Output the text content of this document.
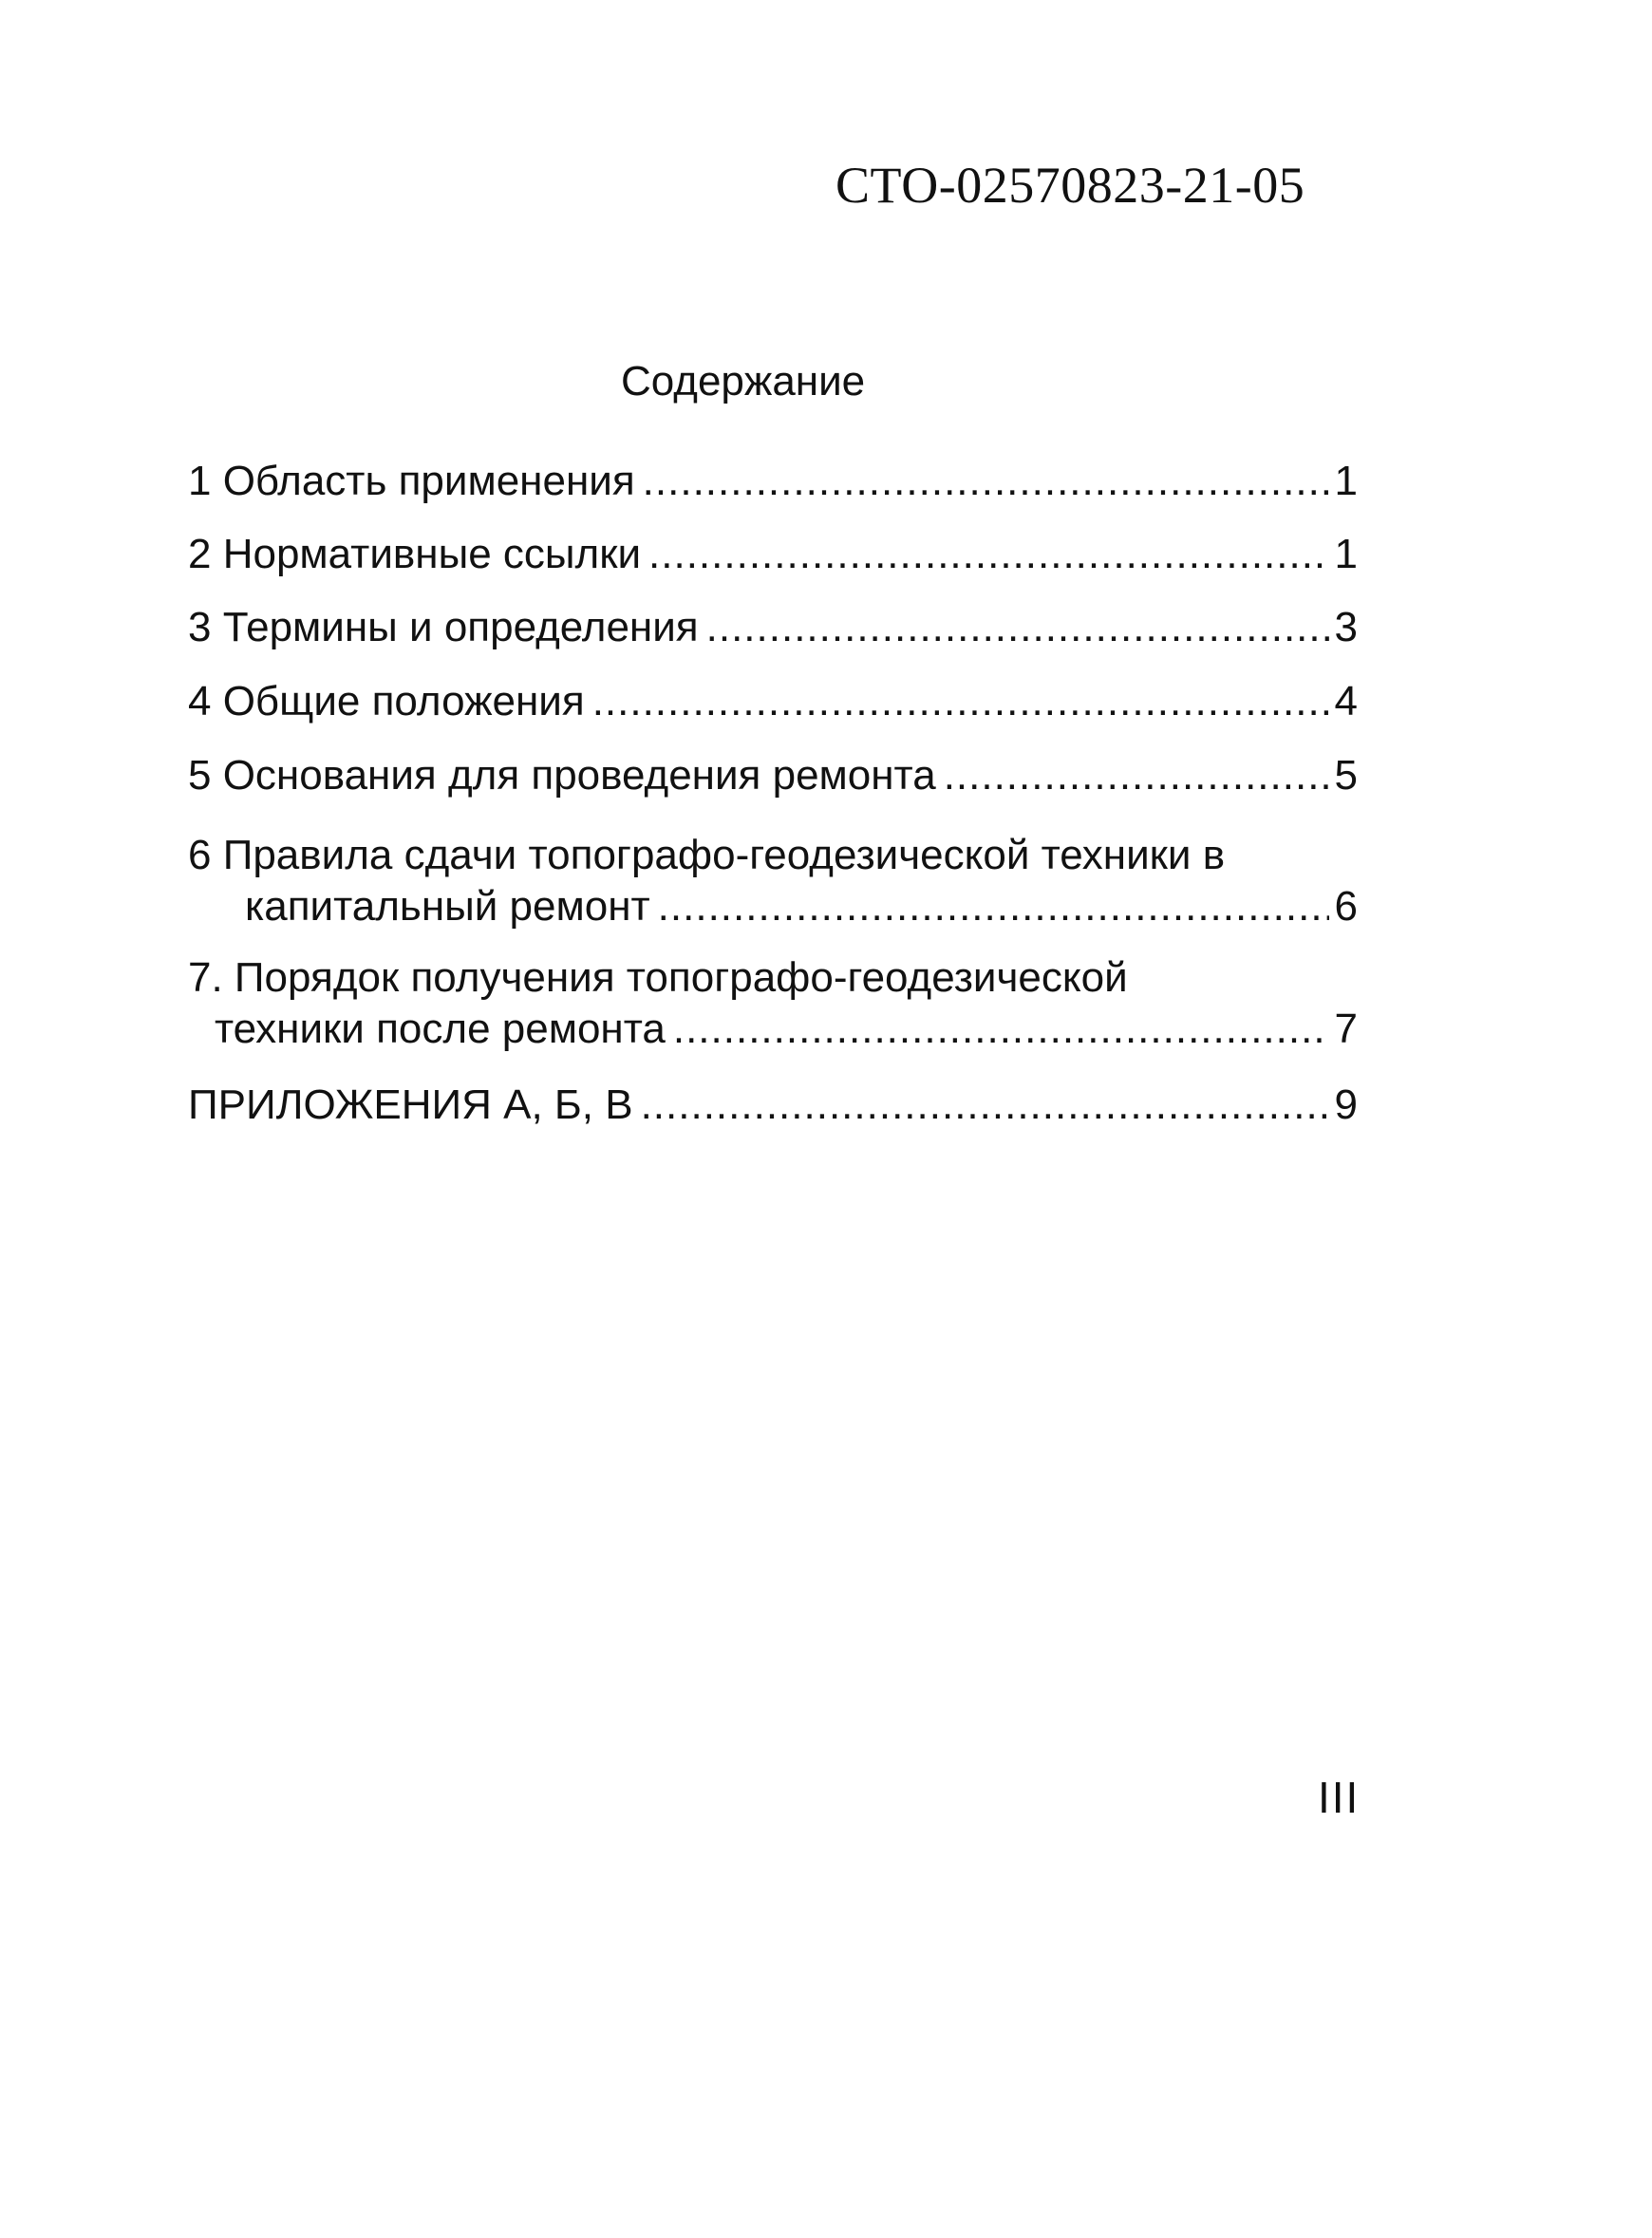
СТО-02570823-21-05
Содержание
1 Область применения .....	1
2 Нормативные ссылки .....	1
3 Термины и определения .....	3
4 Общие положения .....	4
5 Основания для проведения ремонта .....	5
6 Правила сдачи топографо-геодезической техники в
капитальный ремонт .....	6
7. Порядок получения топографо-геодезической
техники после ремонта .....	7
ПРИЛОЖЕНИЯ А, Б, В .....	9
III
